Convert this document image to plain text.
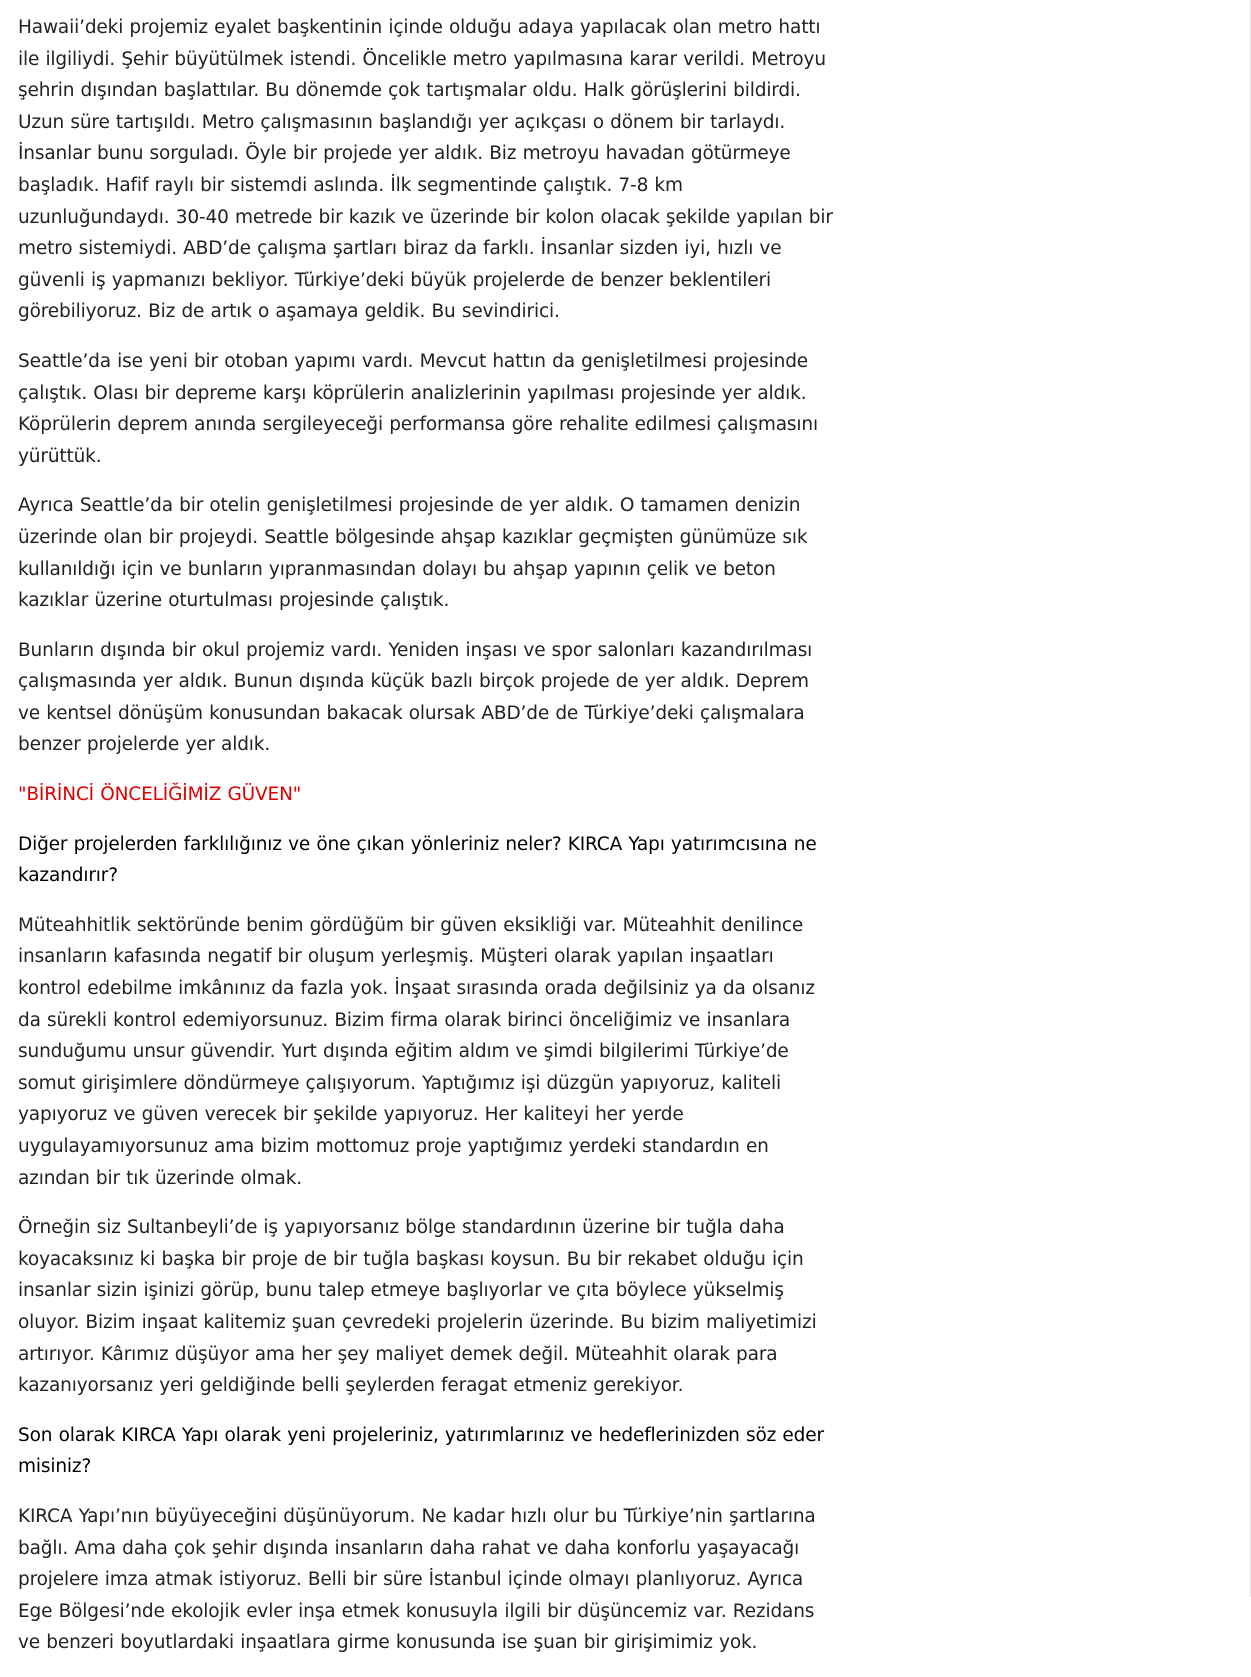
Hawaii’deki projemiz eyalet başkentinin içinde olduğu adaya yapılacak olan metro hattı ile ilgiliydi. Şehir büyütülmek istendi. Öncelikle metro yapılmasına karar verildi. Metroyu şehrin dışından başlattılar. Bu dönemde çok tartışmalar oldu. Halk görüşlerini bildirdi. Uzun süre tartışıldı. Metro çalışmasının başlandığı yer açıkçası o dönem bir tarlaydı. İnsanlar bunu sorguladı. Öyle bir projede yer aldık. Biz metroyu havadan götürmeye başladık. Hafif raylı bir sistemdi aslında. İlk segmentinde çalıştık. 7-8 km uzunluğundaydı. 30-40 metrede bir kazık ve üzerinde bir kolon olacak şekilde yapılan bir metro sistemiydi. ABD’de çalışma şartları biraz da farklı. İnsanlar sizden iyi, hızlı ve güvenli iş yapmanızı bekliyor. Türkiye’deki büyük projelerde de benzer beklentileri görebiliyoruz. Biz de artık o aşamaya geldik. Bu sevindirici.

Seattle’da ise yeni bir otoban yapımı vardı. Mevcut hattın da genişletilmesi projesinde çalıştık. Olası bir depreme karşı köprülerin analizlerinin yapılması projesinde yer aldık. Köprülerin deprem anında sergileyeceği performansa göre rehalite edilmesi çalışmasını yürüttük.

Ayrıca Seattle’da bir otelin genişletilmesi projesinde de yer aldık. O tamamen denizin üzerinde olan bir projeydi. Seattle bölgesinde ahşap kazıklar geçmişten günümüze sık kullanıldığı için ve bunların yıpranmasından dolayı bu ahşap yapının çelik ve beton kazıklar üzerine oturtulması projesinde çalıştık.

Bunların dışında bir okul projemiz vardı. Yeniden inşası ve spor salonları kazandırılması çalışmasında yer aldık. Bunun dışında küçük bazlı birçok projede de yer aldık. Deprem ve kentsel dönüşüm konusundan bakacak olursak ABD’de de Türkiye’deki çalışmalara benzer projelerde yer aldık.

"BİRİNCİ ÖNCELİĞİMİZ GÜVEN"

Diğer projelerden farklılığınız ve öne çıkan yönleriniz neler? KIRCA Yapı yatırımcısına ne kazandırır?

Müteahhitlik sektöründe benim gördüğüm bir güven eksikliği var. Müteahhit denilince insanların kafasında negatif bir oluşum yerleşmiş. Müşteri olarak yapılan inşaatları kontrol edebilme imkânınız da fazla yok. İnşaat sırasında orada değilsiniz ya da olsanız da sürekli kontrol edemiyorsunuz. Bizim firma olarak birinci önceliğimiz ve insanlara sunduğumu unsur güvendir. Yurt dışında eğitim aldım ve şimdi bilgilerimi Türkiye’de somut girişimlere döndürmeye çalışıyorum. Yaptığımız işi düzgün yapıyoruz, kaliteli yapıyoruz ve güven verecek bir şekilde yapıyoruz. Her kaliteyi her yerde uygulayamıyorsunuz ama bizim mottomuz proje yaptığımız yerdeki standardın en azından bir tık üzerinde olmak.

Örneğin siz Sultanbeyli’de iş yapıyorsanız bölge standardının üzerine bir tuğla daha koyacaksınız ki başka bir proje de bir tuğla başkası koysun. Bu bir rekabet olduğu için insanlar sizin işinizi görüp, bunu talep etmeye başlıyorlar ve çıta böylece yükselmiş oluyor. Bizim inşaat kalitemiz şuan çevredeki projelerin üzerinde. Bu bizim maliyetimizi artırıyor. Kârımız düşüyor ama her şey maliyet demek değil. Müteahhit olarak para kazanıyorsanız yeri geldiğinde belli şeylerden feragat etmeniz gerekiyor.

Son olarak KIRCA Yapı olarak yeni projeleriniz, yatırımlarınız ve hedeflerinizden söz eder misiniz?

KIRCA Yapı’nın büyüyeceğini düşünüyorum. Ne kadar hızlı olur bu Türkiye’nin şartlarına bağlı. Ama daha çok şehir dışında insanların daha rahat ve daha konforlu yaşayacağı projelere imza atmak istiyoruz. Belli bir süre İstanbul içinde olmayı planlıyoruz. Ayrıca Ege Bölgesi’nde ekolojik evler inşa etmek konusuyla ilgili bir düşüncemiz var. Rezidans ve benzeri boyutlardaki inşaatlara girme konusunda ise şuan bir girişimimiz yok.
